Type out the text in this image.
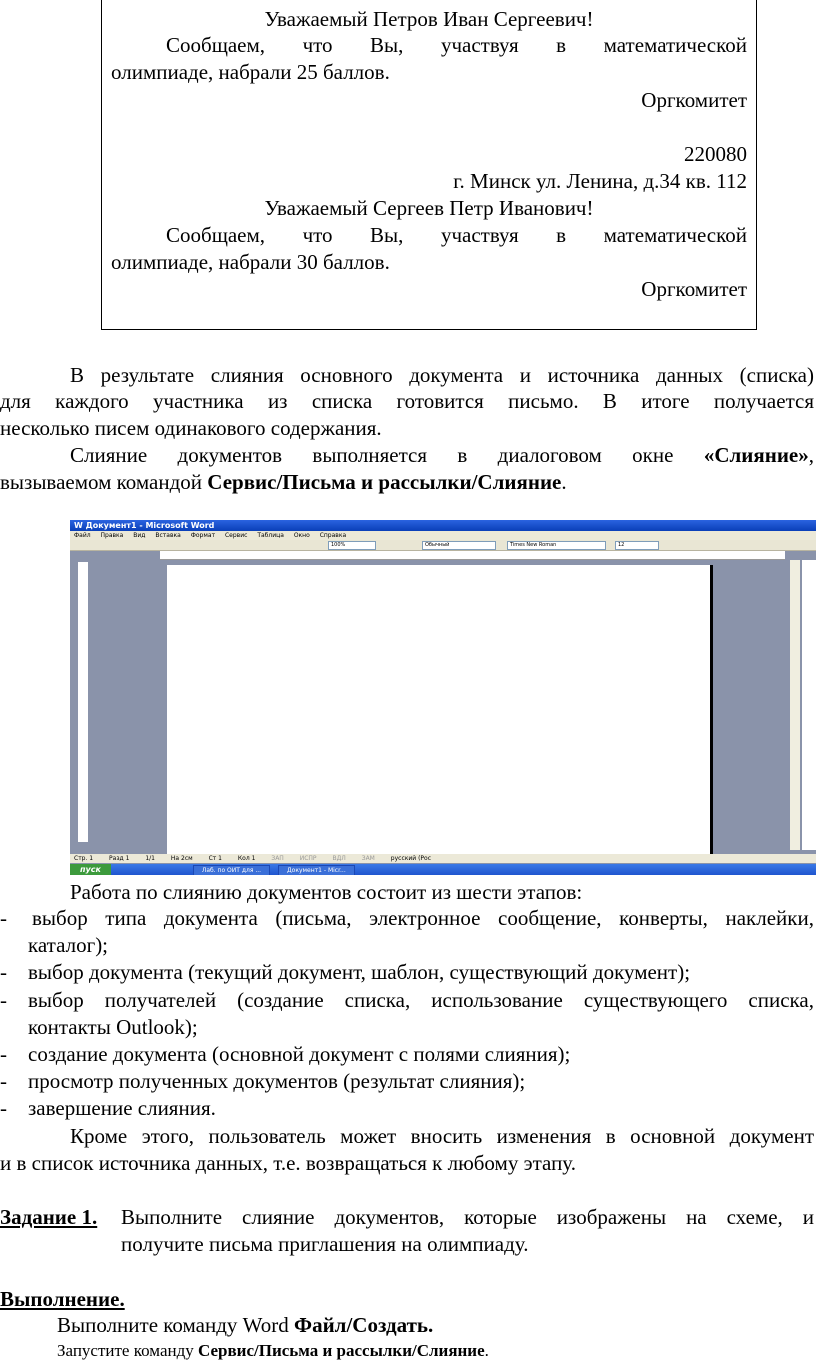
Уважаемый Петров Иван Сергеевич!
Сообщаем, что Вы, участвуя в математической
олимпиаде, набрали 25 баллов.
Оргкомитет
220080
г. Минск ул. Ленина, д.34 кв. 112
Уважаемый Сергеев Петр Иванович!
Сообщаем, что Вы, участвуя в математической
олимпиаде, набрали 30 баллов.
Оргкомитет
В результате слияния основного документа и источника данных (списка)
для каждого участника из списка готовится письмо. В итоге получается
несколько писем одинакового содержания.
Слияние документов выполняется в диалоговом окне «Слияние»,
вызываемом командой Сервис/Письма и рассылки/Слияние.
W Документ1 - Microsoft Word
Файл Правка Вид Вставка Формат Сервис Таблица Окно Справка
100%	Обычный	Times New Roman	12
Стр. 1	Разд 1	1/1	На 2см	Ст 1	Кол 1	ЗАП	ИСПР	ВДЛ	ЗАМ	русский (Рос
пуск	Лаб. по ОИТ для ...	Документ1 - Micr...
Работа по слиянию документов состоит из шести этапов:
- выбор типа документа (письма, электронное сообщение, конверты, наклейки,
каталог);
- выбор документа (текущий документ, шаблон, существующий документ);
- выбор получателей (создание списка, использование существующего списка,
контакты Outlook);
- создание документа (основной документ с полями слияния);
- просмотр полученных документов (результат слияния);
- завершение слияния.
Кроме этого, пользователь может вносить изменения в основной документ
и в список источника данных, т.е. возвращаться к любому этапу.
Задание 1. Выполните слияние документов, которые изображены на схеме, и
получите письма приглашения на олимпиаду.
Выполнение.
Выполните команду Word Файл/Создать.
Запустите команду Сервис/Письма и рассылки/Слияние.
